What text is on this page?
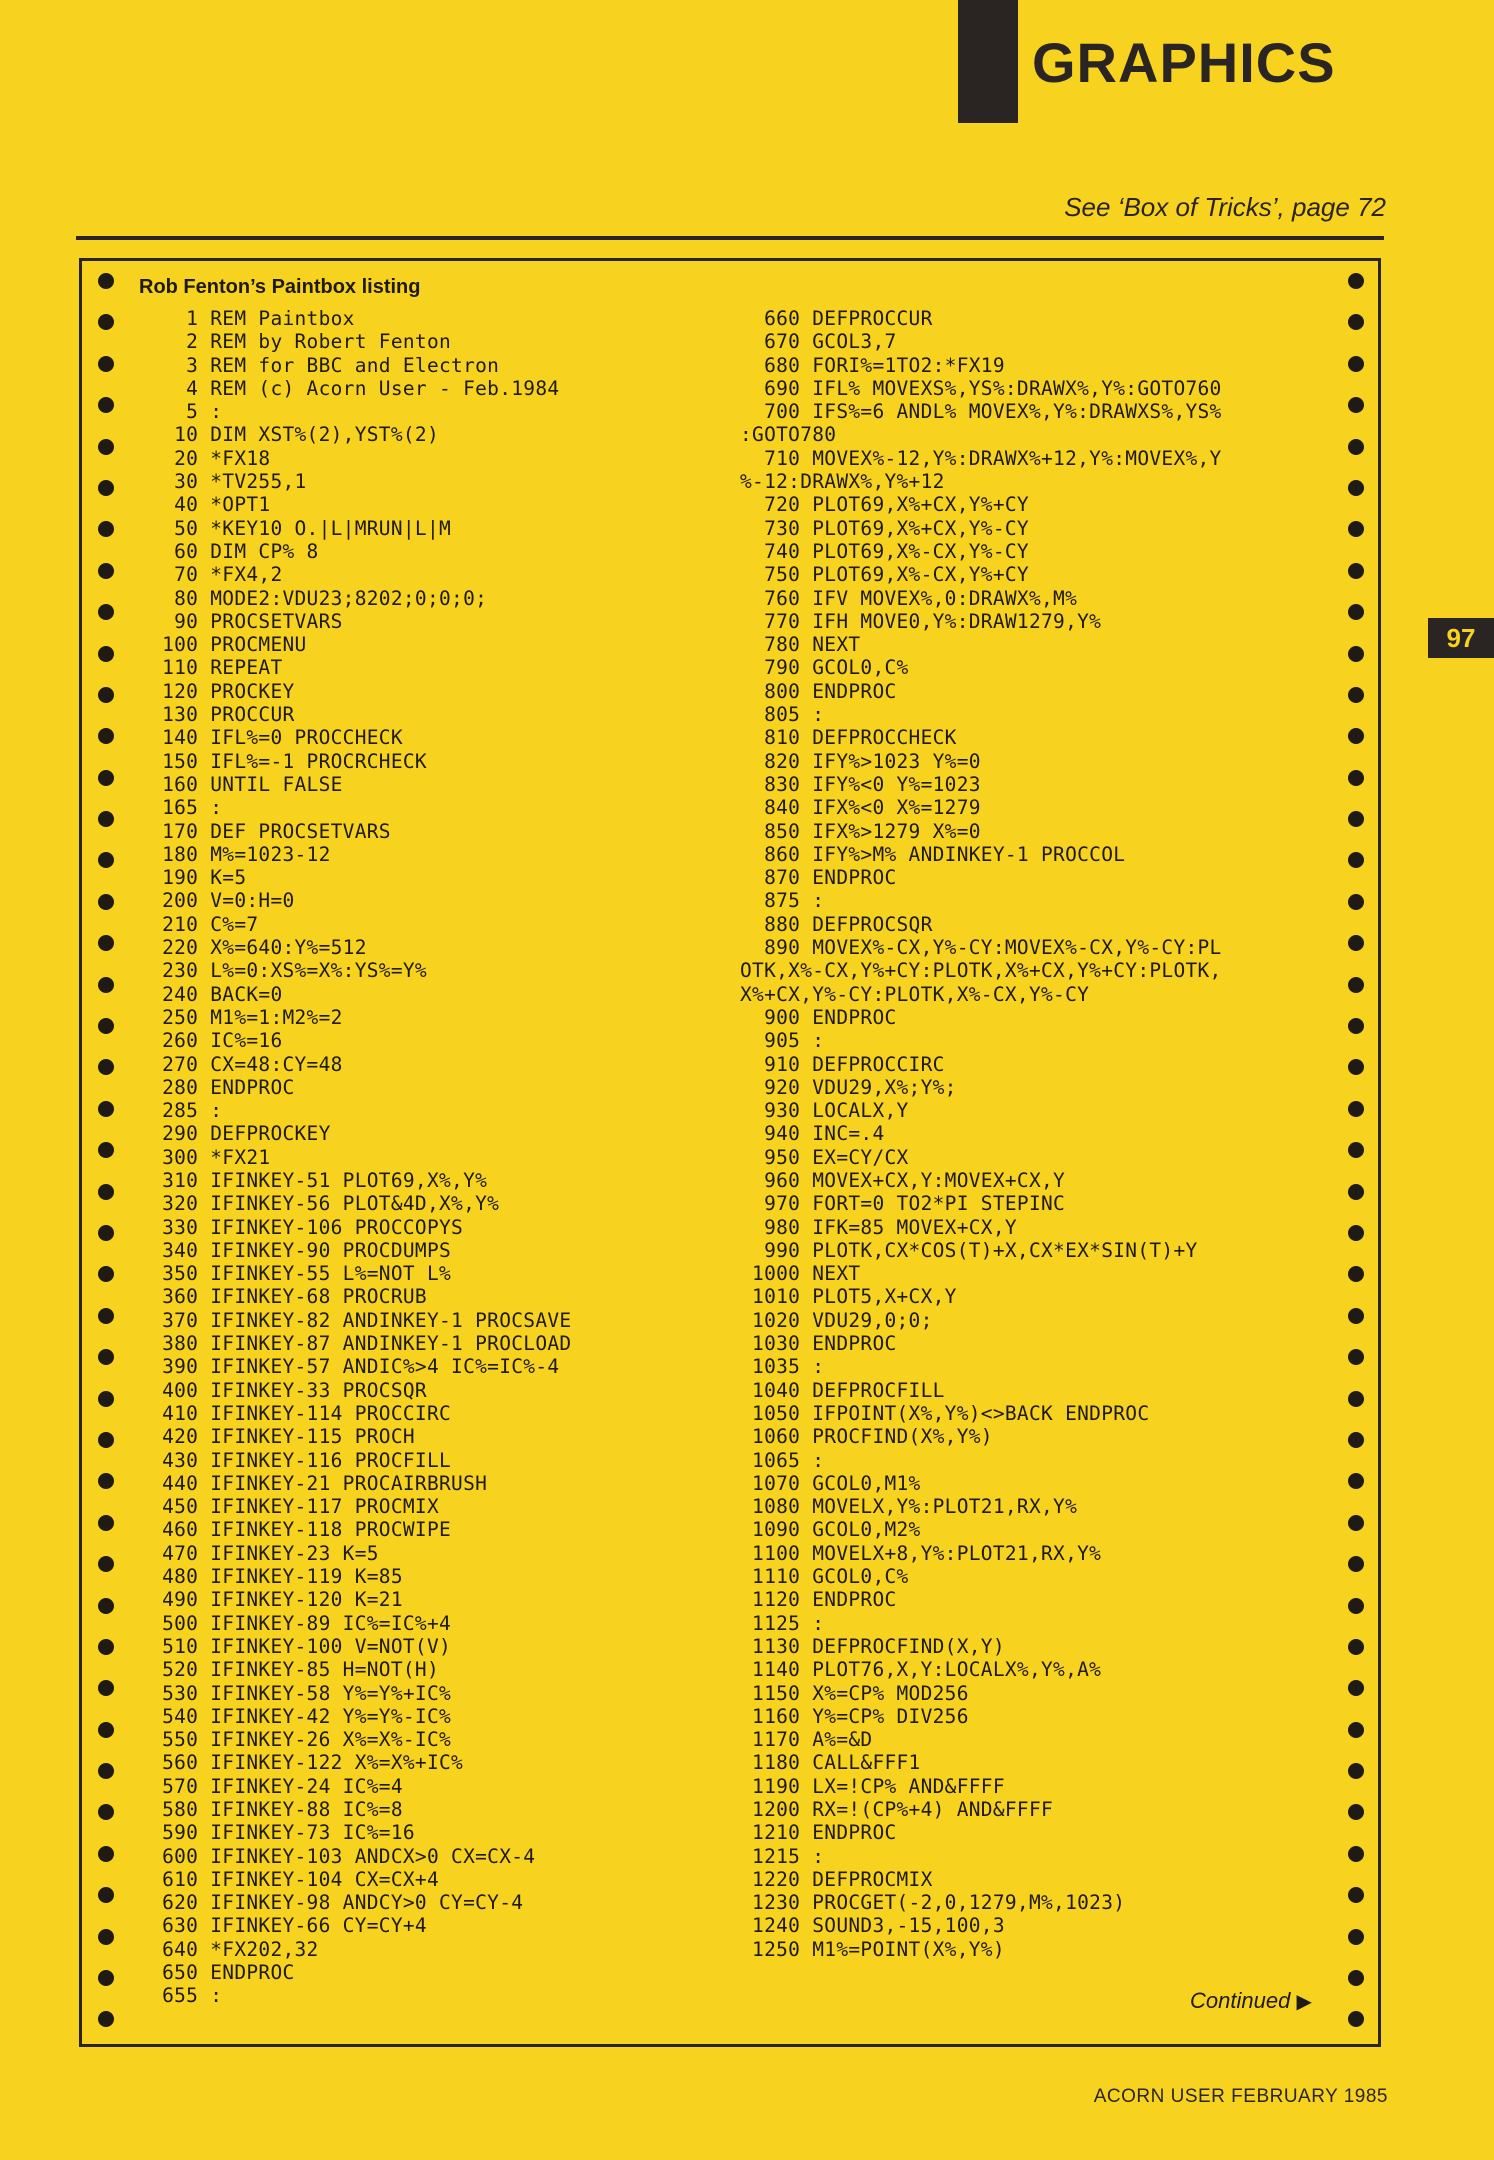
GRAPHICS
See ‘Box of Tricks’, page 72
97
Rob Fenton’s Paintbox listing
1 REM Paintbox
2 REM by Robert Fenton
3 REM for BBC and Electron
4 REM (c) Acorn User - Feb.1984
5 :
10 DIM XST%(2),YST%(2)
20 *FX18
30 *TV255,1
40 *OPT1
50 *KEY10 O.|L|MRUN|L|M
60 DIM CP% 8
70 *FX4,2
80 MODE2:VDU23;8202;0;0;0;
90 PROCSETVARS
100 PROCMENU
110 REPEAT
120 PROCKEY
130 PROCCUR
140 IFL%=0 PROCCHECK
150 IFL%=-1 PROCRCHECK
160 UNTIL FALSE
165 :
170 DEF PROCSETVARS
180 M%=1023-12
190 K=5
200 V=0:H=0
210 C%=7
220 X%=640:Y%=512
230 L%=0:XS%=X%:YS%=Y%
240 BACK=0
250 M1%=1:M2%=2
260 IC%=16
270 CX=48:CY=48
280 ENDPROC
285 :
290 DEFPROCKEY
300 *FX21
310 IFINKEY-51 PLOT69,X%,Y%
320 IFINKEY-56 PLOT&4D,X%,Y%
330 IFINKEY-106 PROCCOPYS
340 IFINKEY-90 PROCDUMPS
350 IFINKEY-55 L%=NOT L%
360 IFINKEY-68 PROCRUB
370 IFINKEY-82 ANDINKEY-1 PROCSAVE
380 IFINKEY-87 ANDINKEY-1 PROCLOAD
390 IFINKEY-57 ANDIC%>4 IC%=IC%-4
400 IFINKEY-33 PROCSQR
410 IFINKEY-114 PROCCIRC
420 IFINKEY-115 PROCH
430 IFINKEY-116 PROCFILL
440 IFINKEY-21 PROCAIRBRUSH
450 IFINKEY-117 PROCMIX
460 IFINKEY-118 PROCWIPE
470 IFINKEY-23 K=5
480 IFINKEY-119 K=85
490 IFINKEY-120 K=21
500 IFINKEY-89 IC%=IC%+4
510 IFINKEY-100 V=NOT(V)
520 IFINKEY-85 H=NOT(H)
530 IFINKEY-58 Y%=Y%+IC%
540 IFINKEY-42 Y%=Y%-IC%
550 IFINKEY-26 X%=X%-IC%
560 IFINKEY-122 X%=X%+IC%
570 IFINKEY-24 IC%=4
580 IFINKEY-88 IC%=8
590 IFINKEY-73 IC%=16
600 IFINKEY-103 ANDCX>0 CX=CX-4
610 IFINKEY-104 CX=CX+4
620 IFINKEY-98 ANDCY>0 CY=CY-4
630 IFINKEY-66 CY=CY+4
640 *FX202,32
650 ENDPROC
655 :
660 DEFPROCCUR
670 GCOL3,7
680 FORI%=1TO2:*FX19
690 IFL% MOVEXS%,YS%:DRAWX%,Y%:GOTO760
700 IFS%=6 ANDL% MOVEX%,Y%:DRAWXS%,YS%
:GOTO780
710 MOVEX%-12,Y%:DRAWX%+12,Y%:MOVEX%,Y
%-12:DRAWX%,Y%+12
720 PLOT69,X%+CX,Y%+CY
730 PLOT69,X%+CX,Y%-CY
740 PLOT69,X%-CX,Y%-CY
750 PLOT69,X%-CX,Y%+CY
760 IFV MOVEX%,0:DRAWX%,M%
770 IFH MOVE0,Y%:DRAW1279,Y%
780 NEXT
790 GCOL0,C%
800 ENDPROC
805 :
810 DEFPROCCHECK
820 IFY%>1023 Y%=0
830 IFY%<0 Y%=1023
840 IFX%<0 X%=1279
850 IFX%>1279 X%=0
860 IFY%>M% ANDINKEY-1 PROCCOL
870 ENDPROC
875 :
880 DEFPROCSQR
890 MOVEX%-CX,Y%-CY:MOVEX%-CX,Y%-CY:PL
OTK,X%-CX,Y%+CY:PLOTK,X%+CX,Y%+CY:PLOTK,
X%+CX,Y%-CY:PLOTK,X%-CX,Y%-CY
900 ENDPROC
905 :
910 DEFPROCCIRC
920 VDU29,X%;Y%;
930 LOCALX,Y
940 INC=.4
950 EX=CY/CX
960 MOVEX+CX,Y:MOVEX+CX,Y
970 FORT=0 TO2*PI STEPINC
980 IFK=85 MOVEX+CX,Y
990 PLOTK,CX*COS(T)+X,CX*EX*SIN(T)+Y
1000 NEXT
1010 PLOT5,X+CX,Y
1020 VDU29,0;0;
1030 ENDPROC
1035 :
1040 DEFPROCFILL
1050 IFPOINT(X%,Y%)<>BACK ENDPROC
1060 PROCFIND(X%,Y%)
1065 :
1070 GCOL0,M1%
1080 MOVELX,Y%:PLOT21,RX,Y%
1090 GCOL0,M2%
1100 MOVELX+8,Y%:PLOT21,RX,Y%
1110 GCOL0,C%
1120 ENDPROC
1125 :
1130 DEFPROCFIND(X,Y)
1140 PLOT76,X,Y:LOCALX%,Y%,A%
1150 X%=CP% MOD256
1160 Y%=CP% DIV256
1170 A%=&D
1180 CALL&FFF1
1190 LX=!CP% AND&FFFF
1200 RX=!(CP%+4) AND&FFFF
1210 ENDPROC
1215 :
1220 DEFPROCMIX
1230 PROCGET(-2,0,1279,M%,1023)
1240 SOUND3,-15,100,3
1250 M1%=POINT(X%,Y%)
Continued ▶
ACORN USER FEBRUARY 1985
